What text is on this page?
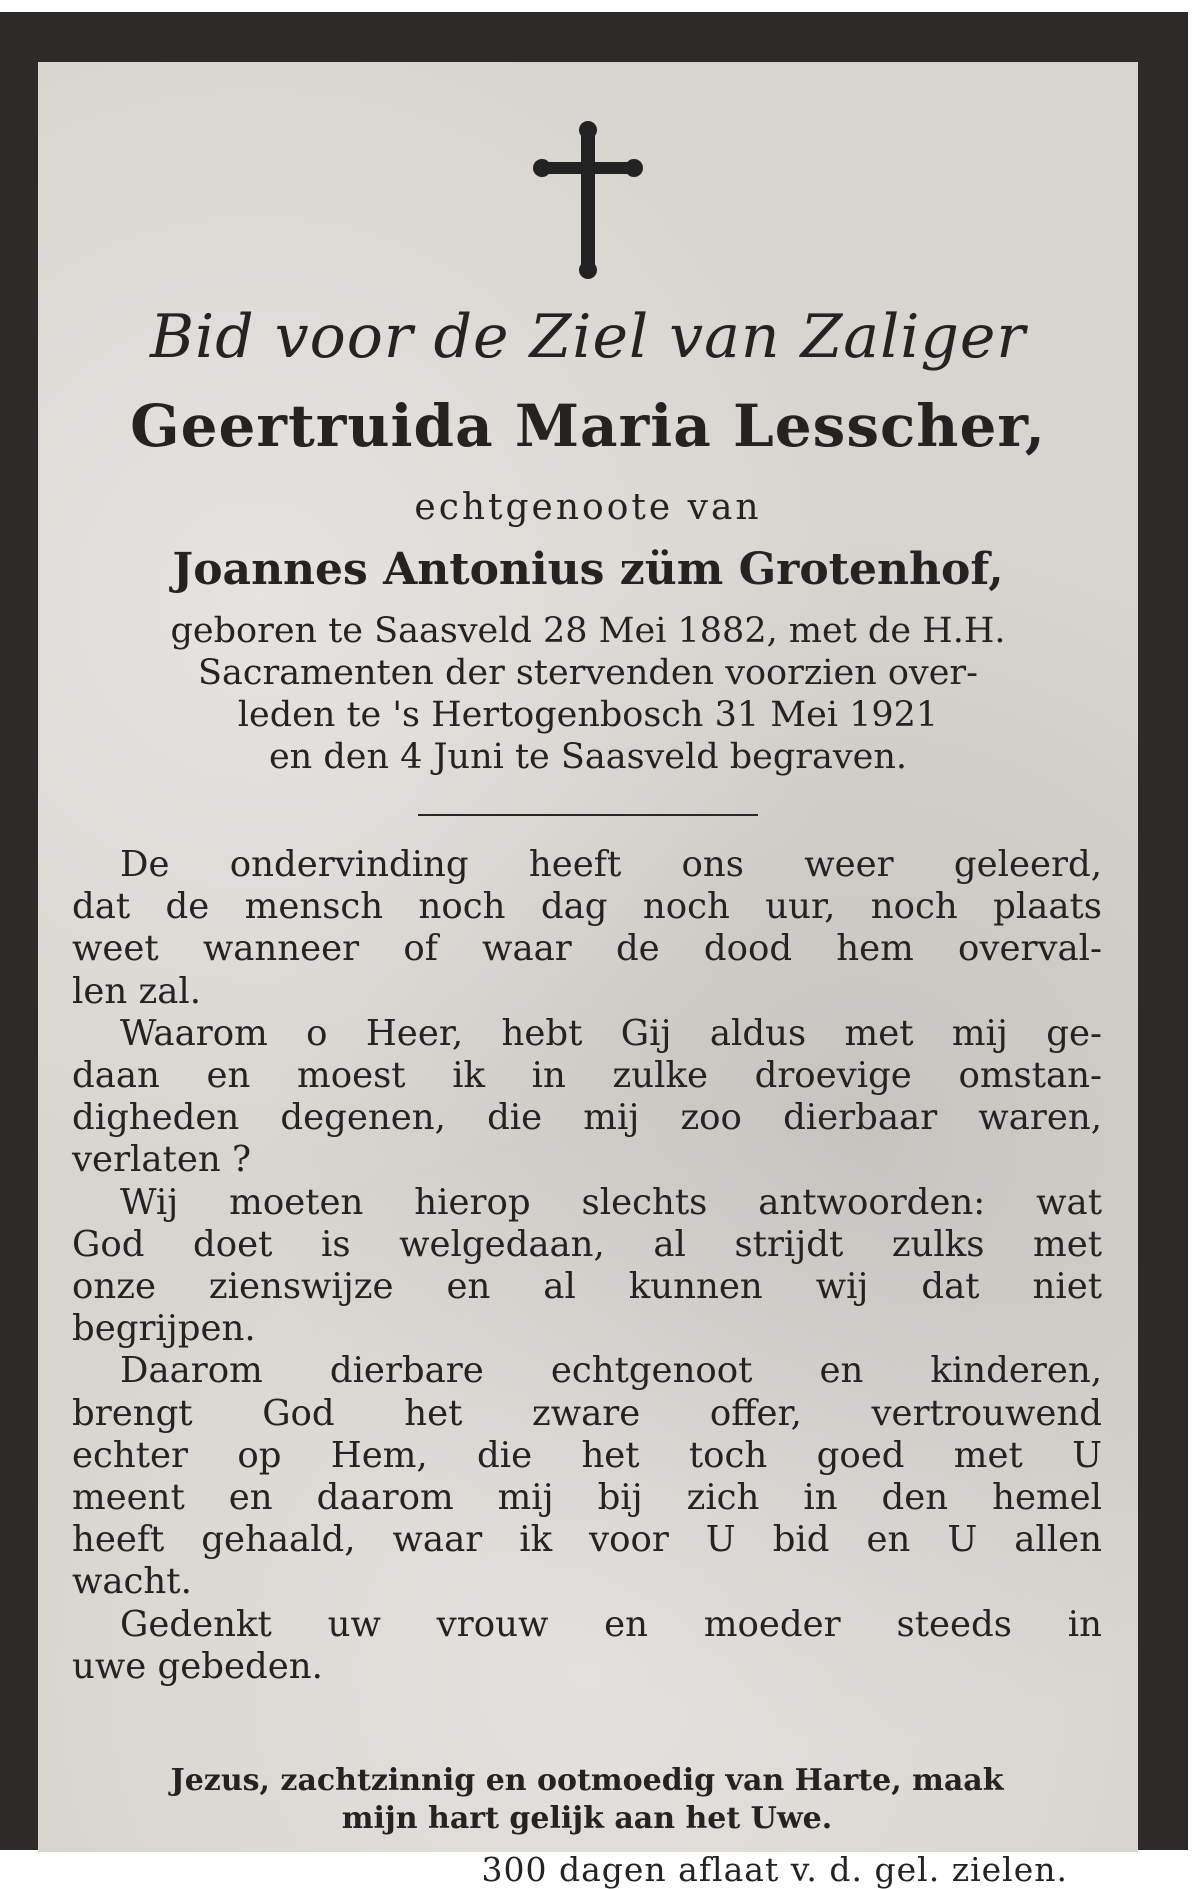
Bid voor de Ziel van Zaliger
Geertruida Maria Lesscher,
echtgenoote van
Joannes Antonius züm Grotenhof,
geboren te Saasveld 28 Mei 1882, met de H.H.
Sacramenten der stervenden voorzien over-
leden te 's Hertogenbosch 31 Mei 1921
en den 4 Juni te Saasveld begraven.
De ondervinding heeft ons weer geleerd,
dat de mensch noch dag noch uur, noch plaats
weet wanneer of waar de dood hem overval-
len zal.
Waarom o Heer, hebt Gij aldus met mij ge-
daan en moest ik in zulke droevige omstan-
digheden degenen, die mij zoo dierbaar waren,
verlaten ?
Wij moeten hierop slechts antwoorden: wat
God doet is welgedaan, al strijdt zulks met
onze zienswijze en al kunnen wij dat niet
begrijpen.
Daarom dierbare echtgenoot en kinderen,
brengt God het zware offer, vertrouwend
echter op Hem, die het toch goed met U
meent en daarom mij bij zich in den hemel
heeft gehaald, waar ik voor U bid en U allen
wacht.
Gedenkt uw vrouw en moeder steeds in
uwe gebeden.
Jezus, zachtzinnig en ootmoedig van Harte, maak
mijn hart gelijk aan het Uwe.
300 dagen aflaat v. d. gel. zielen.
